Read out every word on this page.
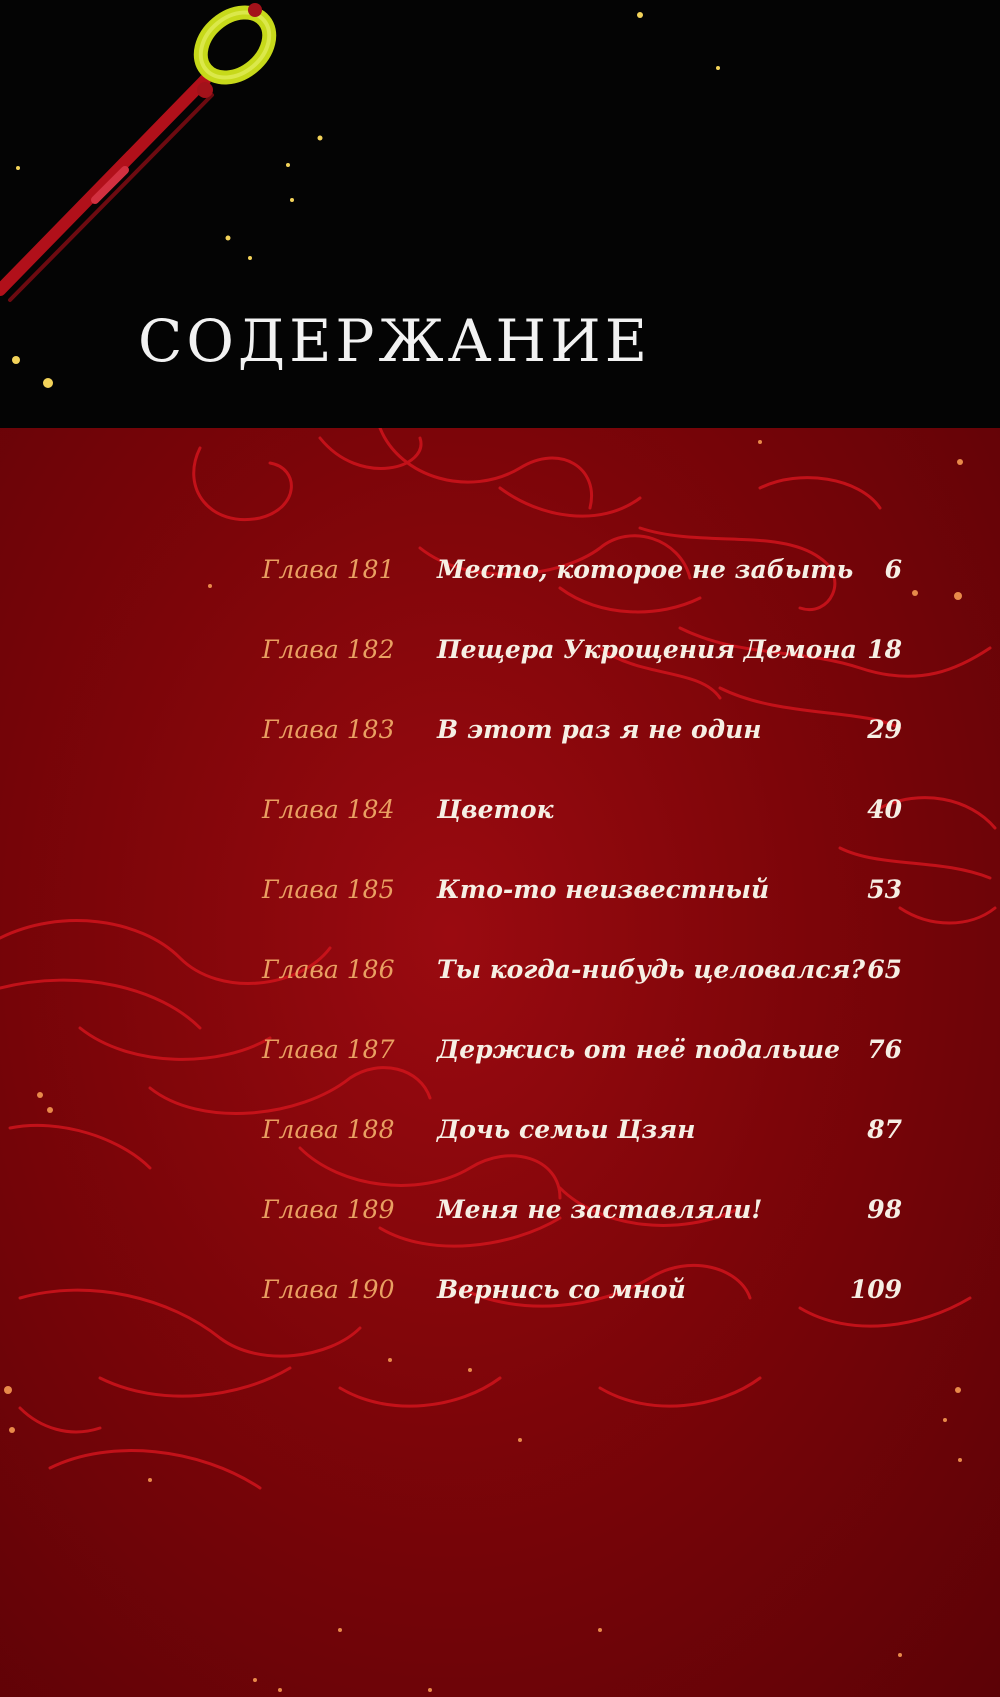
СОДЕРЖАНИЕ
Глава 181 Место, которое не забыть 6
Глава 182 Пещера Укрощения Демона 18
Глава 183 В этот раз я не один	29
Глава 184 Цветок	40
Глава 185 Кто-то неизвестный	53
Глава 186 Ты когда-нибудь целовался? 65
Глава 187 Держись от неё подальше 76
Глава 188 Дочь семьи Цзян	87
Глава 189 Меня не заставляли!	98
Глава 190 Вернись со мной	109
